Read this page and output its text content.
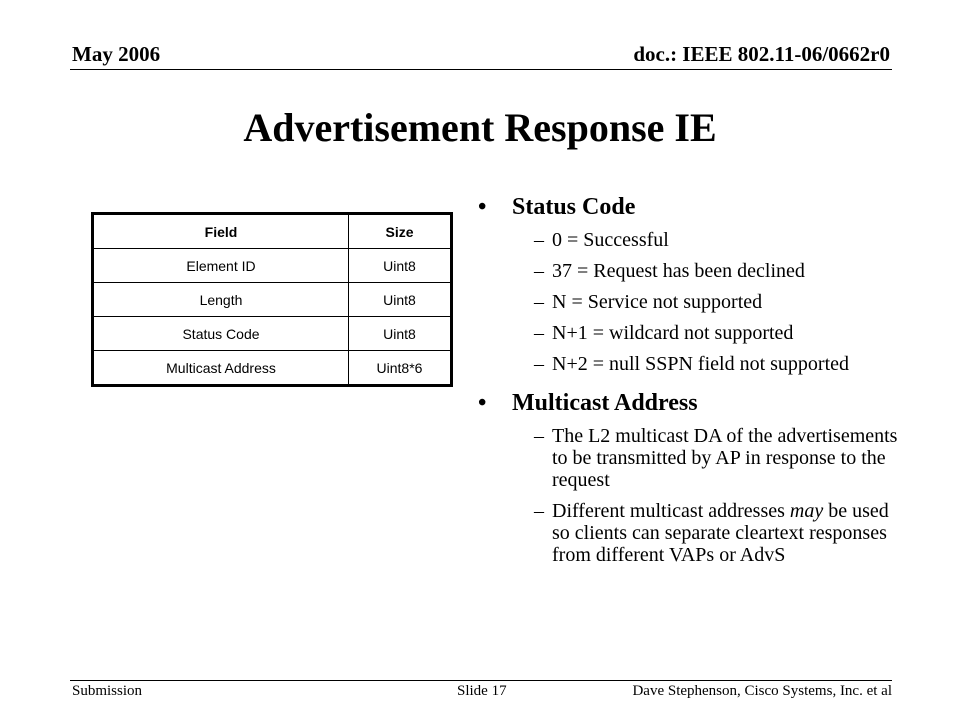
May 2006	doc.: IEEE 802.11-06/0662r0
Advertisement Response IE
Field	Size
Element ID	Uint8
Length	Uint8
Status Code	Uint8
Multicast Address	Uint8*6
• Status Code
– 0 = Successful
– 37 = Request has been declined
– N = Service not supported
– N+1 = wildcard not supported
– N+2 = null SSPN field not supported
• Multicast Address
– The L2 multicast DA of the advertisements to be transmitted by AP in response to the request
– Different multicast addresses may be used so clients can separate cleartext responses from different VAPs or AdvS
Submission	Slide 17	Dave Stephenson, Cisco Systems, Inc. et al
